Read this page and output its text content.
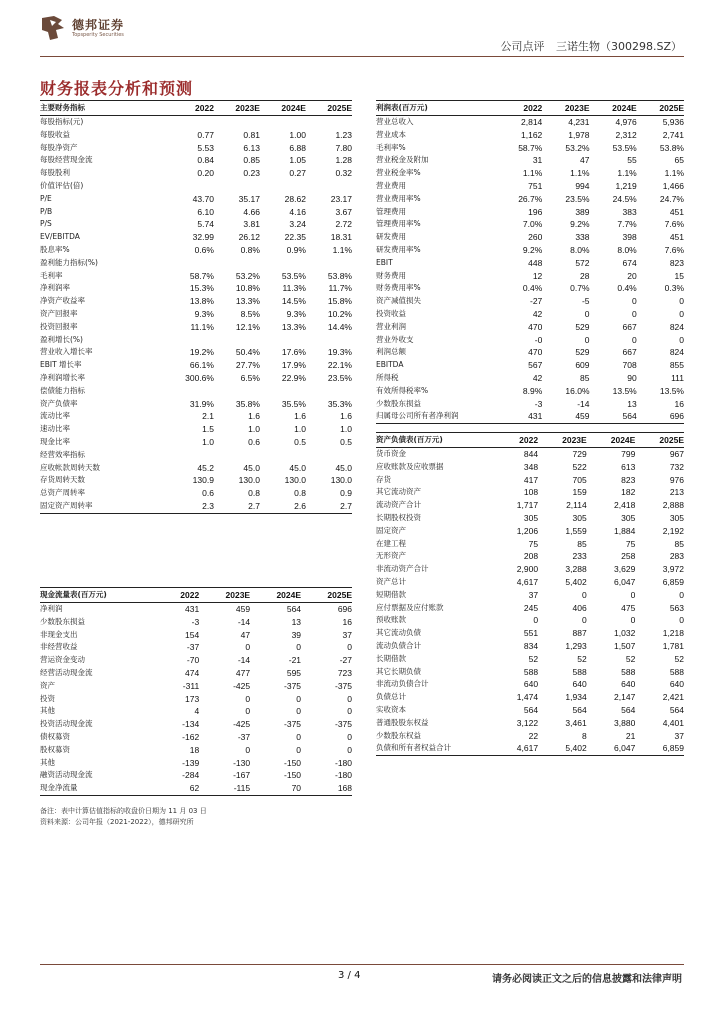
德邦证券
Topsperity Securities
公司点评 三诺生物（300298.SZ）
财务报表分析和预测
主要财务指标	2022	2023E	2024E	2025E
每股指标(元)				
每股收益	0.77	0.81	1.00	1.23
每股净资产	5.53	6.13	6.88	7.80
每股经营现金流	0.84	0.85	1.05	1.28
每股股利	0.20	0.23	0.27	0.32
价值评估(倍)				
P/E	43.70	35.17	28.62	23.17
P/B	6.10	4.66	4.16	3.67
P/S	5.74	3.81	3.24	2.72
EV/EBITDA	32.99	26.12	22.35	18.31
股息率%	0.6%	0.8%	0.9%	1.1%
盈利能力指标(%)				
毛利率	58.7%	53.2%	53.5%	53.8%
净利润率	15.3%	10.8%	11.3%	11.7%
净资产收益率	13.8%	13.3%	14.5%	15.8%
资产回报率	9.3%	8.5%	9.3%	10.2%
投资回报率	11.1%	12.1%	13.3%	14.4%
盈利增长(%)				
营业收入增长率	19.2%	50.4%	17.6%	19.3%
EBIT 增长率	66.1%	27.7%	17.9%	22.1%
净利润增长率	300.6%	6.5%	22.9%	23.5%
偿债能力指标				
资产负债率	31.9%	35.8%	35.5%	35.3%
流动比率	2.1	1.6	1.6	1.6
速动比率	1.5	1.0	1.0	1.0
现金比率	1.0	0.6	0.5	0.5
经营效率指标				
应收帐款周转天数	45.2	45.0	45.0	45.0
存货周转天数	130.9	130.0	130.0	130.0
总资产周转率	0.6	0.8	0.8	0.9
固定资产周转率	2.3	2.7	2.6	2.7
利润表(百万元)	2022	2023E	2024E	2025E
营业总收入	2,814	4,231	4,976	5,936
营业成本	1,162	1,978	2,312	2,741
毛利率%	58.7%	53.2%	53.5%	53.8%
营业税金及附加	31	47	55	65
营业税金率%	1.1%	1.1%	1.1%	1.1%
营业费用	751	994	1,219	1,466
营业费用率%	26.7%	23.5%	24.5%	24.7%
管理费用	196	389	383	451
管理费用率%	7.0%	9.2%	7.7%	7.6%
研发费用	260	338	398	451
研发费用率%	9.2%	8.0%	8.0%	7.6%
EBIT	448	572	674	823
财务费用	12	28	20	15
财务费用率%	0.4%	0.7%	0.4%	0.3%
资产减值损失	-27	-5	0	0
投资收益	42	0	0	0
营业利润	470	529	667	824
营业外收支	-0	0	0	0
利润总额	470	529	667	824
EBITDA	567	609	708	855
所得税	42	85	90	111
有效所得税率%	8.9%	16.0%	13.5%	13.5%
少数股东损益	-3	-14	13	16
归属母公司所有者净利润	431	459	564	696
资产负债表(百万元)	2022	2023E	2024E	2025E
货币资金	844	729	799	967
应收账款及应收票据	348	522	613	732
存货	417	705	823	976
其它流动资产	108	159	182	213
流动资产合计	1,717	2,114	2,418	2,888
长期股权投资	305	305	305	305
固定资产	1,206	1,559	1,884	2,192
在建工程	75	85	75	85
无形资产	208	233	258	283
非流动资产合计	2,900	3,288	3,629	3,972
资产总计	4,617	5,402	6,047	6,859
短期借款	37	0	0	0
应付票据及应付账款	245	406	475	563
预收账款	0	0	0	0
其它流动负债	551	887	1,032	1,218
流动负债合计	834	1,293	1,507	1,781
长期借款	52	52	52	52
其它长期负债	588	588	588	588
非流动负债合计	640	640	640	640
负债总计	1,474	1,934	2,147	2,421
实收资本	564	564	564	564
普通股股东权益	3,122	3,461	3,880	4,401
少数股东权益	22	8	21	37
负债和所有者权益合计	4,617	5,402	6,047	6,859
现金流量表(百万元)	2022	2023E	2024E	2025E
净利润	431	459	564	696
少数股东损益	-3	-14	13	16
非现金支出	154	47	39	37
非经营收益	-37	0	0	0
营运资金变动	-70	-14	-21	-27
经营活动现金流	474	477	595	723
资产	-311	-425	-375	-375
投资	173	0	0	0
其他	4	0	0	0
投资活动现金流	-134	-425	-375	-375
债权募资	-162	-37	0	0
股权募资	18	0	0	0
其他	-139	-130	-150	-180
融资活动现金流	-284	-167	-150	-180
现金净流量	62	-115	70	168
备注：表中计算估值指标的收盘价日期为 11 月 03 日
资料来源：公司年报（2021-2022），德邦研究所
3 / 4	请务必阅读正文之后的信息披露和法律声明
